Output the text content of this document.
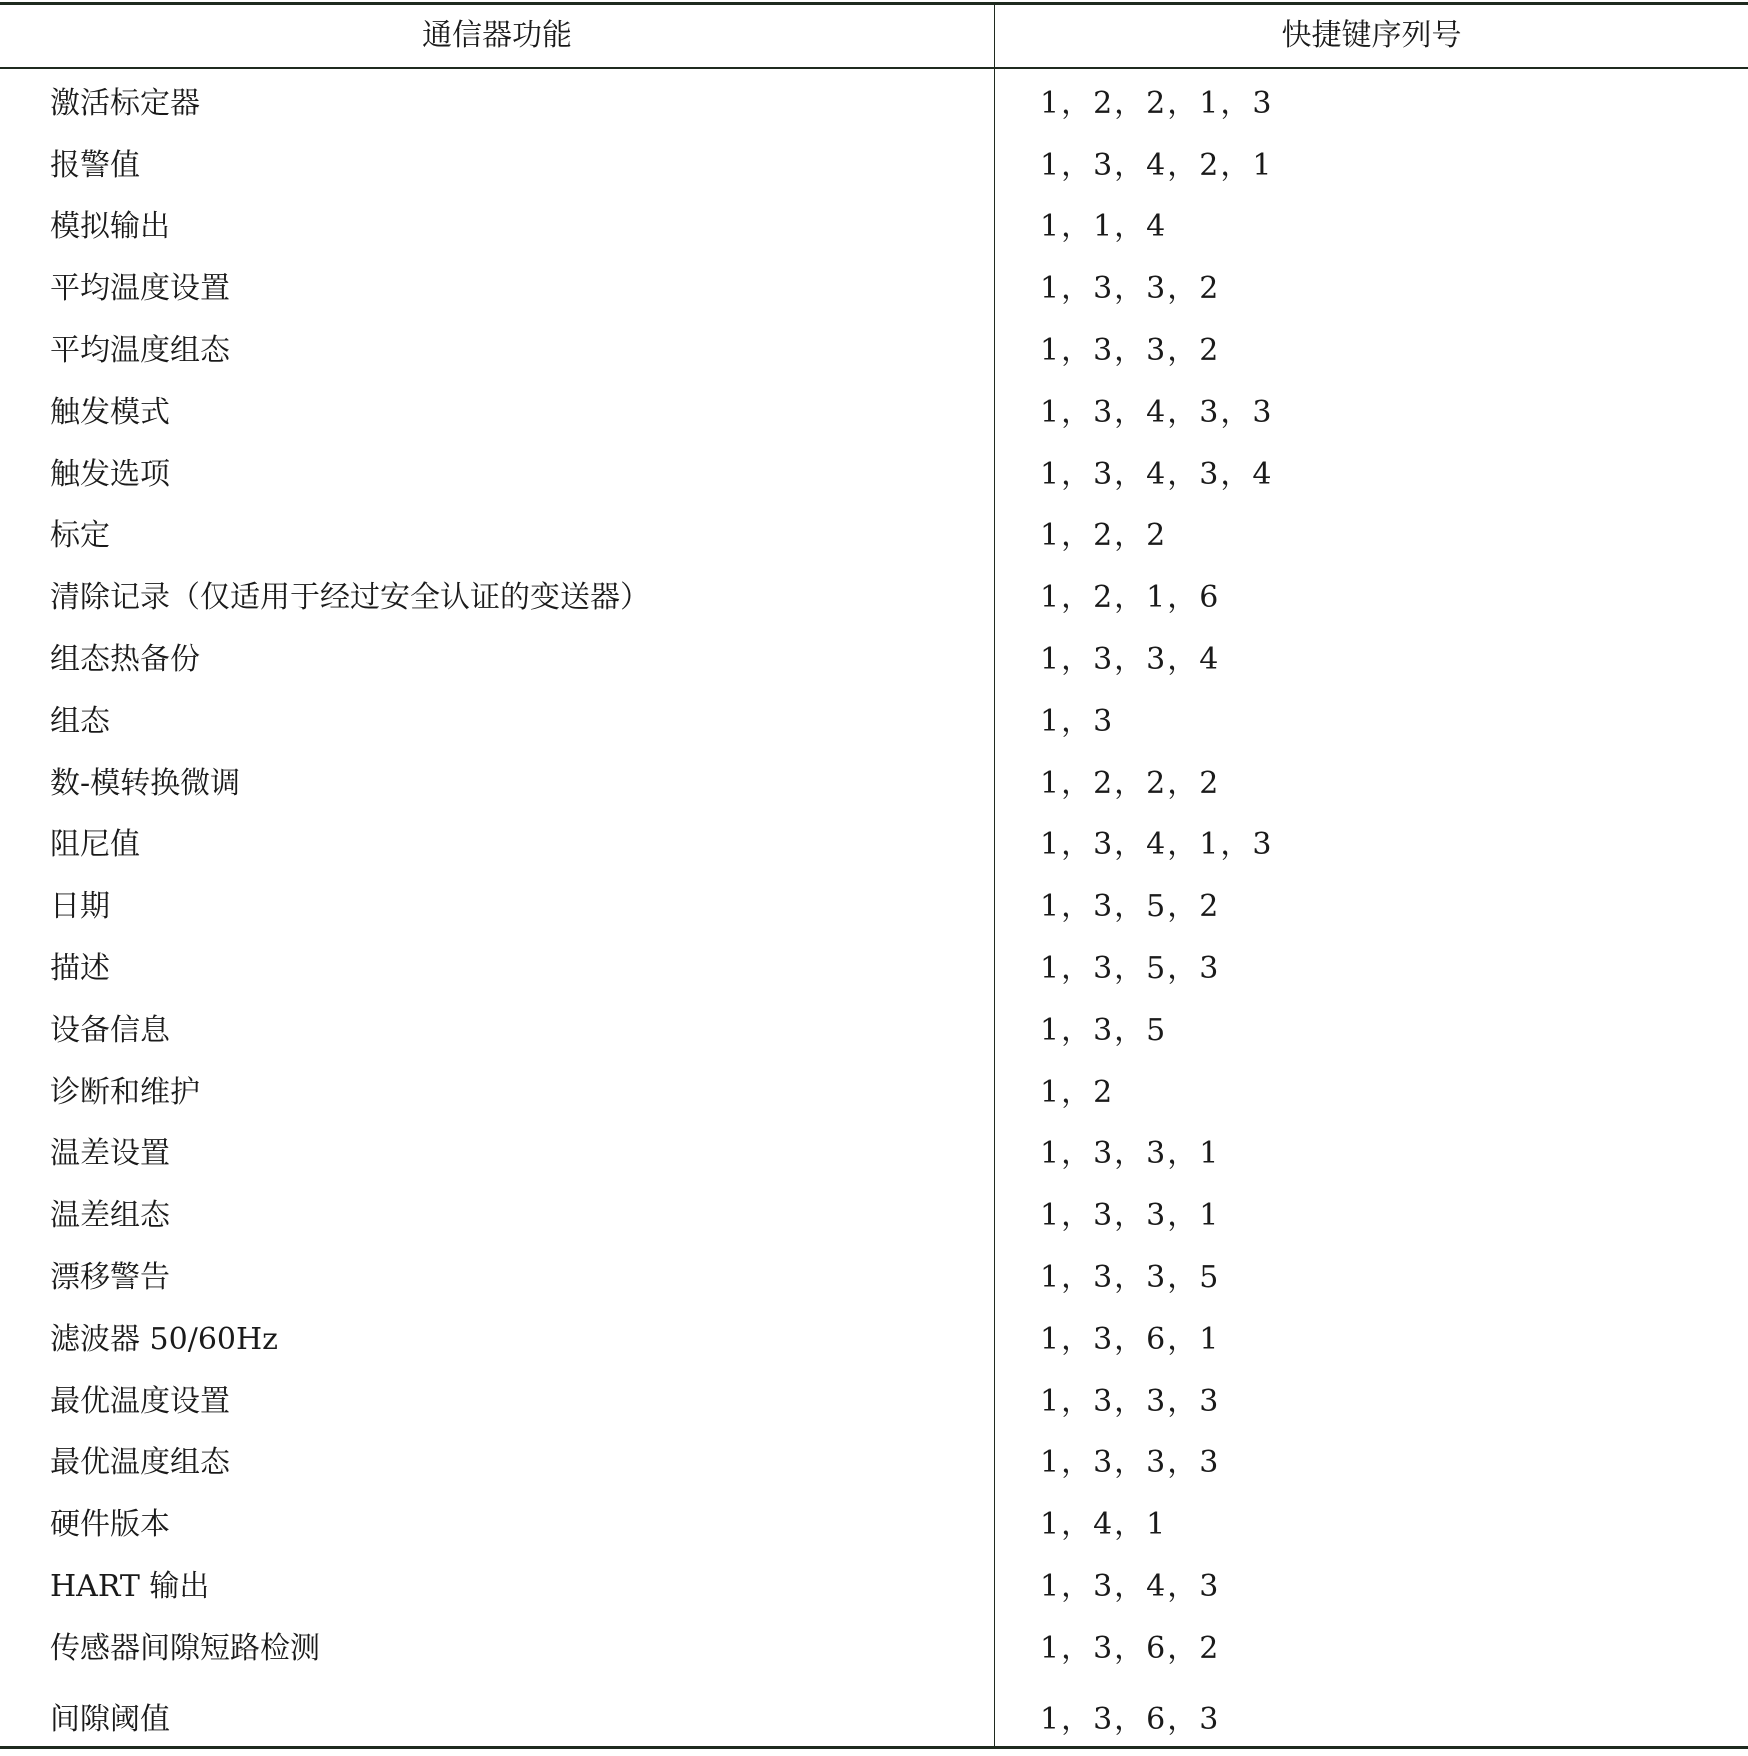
通信器功能	快捷键序列号
激活标定器	1，2，2，1，3
报警值	1，3，4，2，1
模拟输出	1，1，4
平均温度设置	1，3，3，2
平均温度组态	1，3，3，2
触发模式	1，3，4，3，3
触发选项	1，3，4，3，4
标定	1，2，2
清除记录（仅适用于经过安全认证的变送器）	1，2，1，6
组态热备份	1，3，3，4
组态	1，3
数-模转换微调	1，2，2，2
阻尼值	1，3，4，1，3
日期	1，3，5，2
描述	1，3，5，3
设备信息	1，3，5
诊断和维护	1，2
温差设置	1，3，3，1
温差组态	1，3，3，1
漂移警告	1，3，3，5
滤波器 50/60Hz	1，3，6，1
最优温度设置	1，3，3，3
最优温度组态	1，3，3，3
硬件版本	1，4，1
HART 输出	1，3，4，3
传感器间隙短路检测	1，3，6，2
间隙阈值	1，3，6，3
